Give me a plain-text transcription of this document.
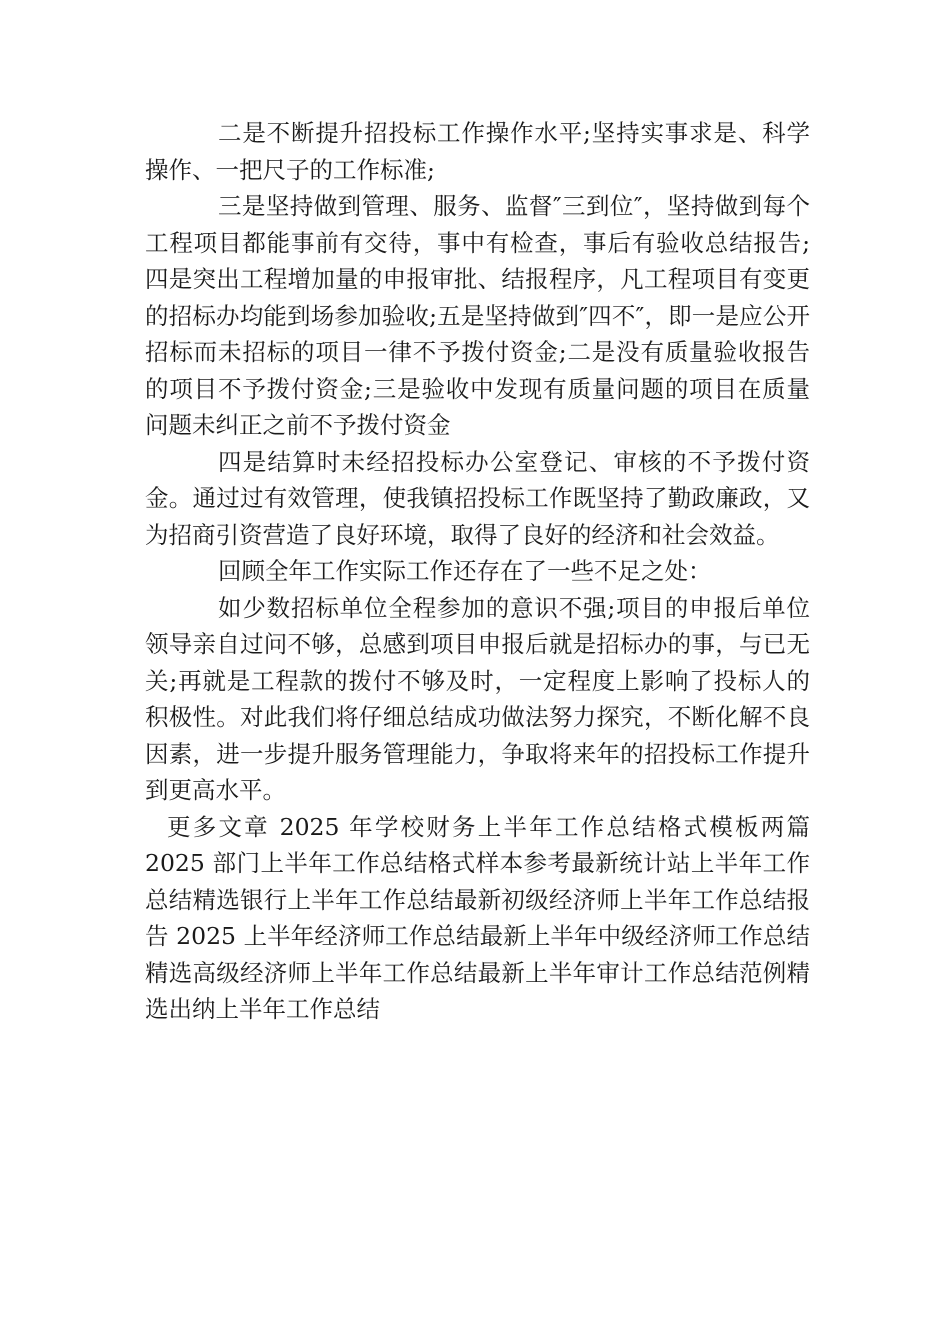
二是不断提升招投标工作操作水平;坚持实事求是、科学操作、一把尺子的工作标准;

三是坚持做到管理、服务、监督″三到位″，坚持做到每个工程项目都能事前有交待，事中有检查，事后有验收总结报告;四是突出工程增加量的申报审批、结报程序，凡工程项目有变更的招标办均能到场参加验收;五是坚持做到″四不″，即一是应公开招标而未招标的项目一律不予拨付资金;二是没有质量验收报告的项目不予拨付资金;三是验收中发现有质量问题的项目在质量问题未纠正之前不予拨付资金

四是结算时未经招投标办公室登记、审核的不予拨付资金。通过过有效管理，使我镇招投标工作既坚持了勤政廉政，又为招商引资营造了良好环境，取得了良好的经济和社会效益。

回顾全年工作实际工作还存在了一些不足之处：

如少数招标单位全程参加的意识不强;项目的申报后单位领导亲自过问不够，总感到项目申报后就是招标办的事，与已无关;再就是工程款的拨付不够及时，一定程度上影响了投标人的积极性。对此我们将仔细总结成功做法努力探究，不断化解不良因素，进一步提升服务管理能力，争取将来年的招投标工作提升到更高水平。

更多文章 2025 年学校财务上半年工作总结格式模板两篇 2025 部门上半年工作总结格式样本参考最新统计站上半年工作总结精选银行上半年工作总结最新初级经济师上半年工作总结报告 2025 上半年经济师工作总结最新上半年中级经济师工作总结精选高级经济师上半年工作总结最新上半年审计工作总结范例精选出纳上半年工作总结
